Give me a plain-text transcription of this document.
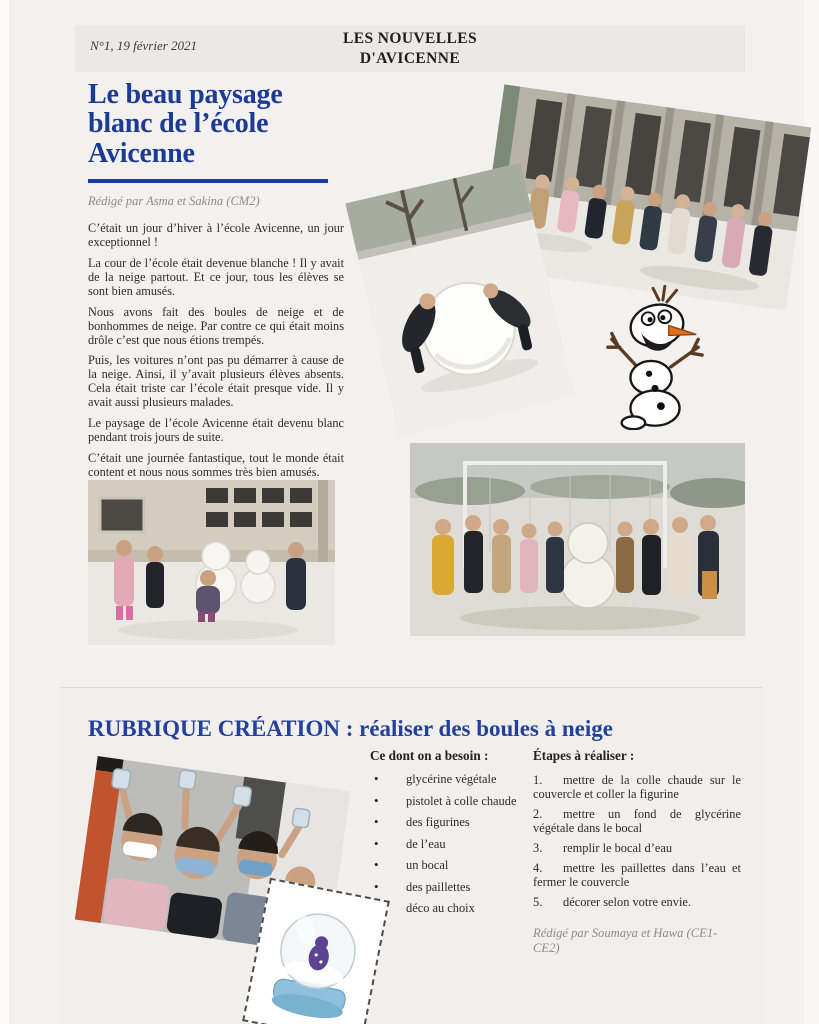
N°1, 19 février 2021	LES NOUVELLES
D'AVICENNE
Le beau paysage blanc de l’école Avicenne
Rédigé par Asma et Sakina (CM2)

C’était un jour d’hiver à l’école Avicenne, un jour exceptionnel !

La cour de l’école était devenue blanche ! Il y avait de la neige partout. Et ce jour, tous les élèves se sont bien amusés.

Nous avons fait des boules de neige et de bonhommes de neige. Par contre ce qui était moins drôle c’est que nous étions trempés.

Puis, les voitures n’ont pas pu démarrer à cause de la neige. Ainsi, il y’avait plusieurs élèves absents. Cela était triste car l’école était presque vide. Il y avait aussi plusieurs malades.

Le paysage de l’école Avicenne était devenu blanc pendant trois jours de suite.

C’était une journée fantastique, tout le monde était content et nous nous sommes très bien amusés.

RUBRIQUE CRÉATION : réaliser des boules à neige
Ce dont on a besoin :
• glycérine végétale
• pistolet à colle chaude
• des figurines
• de l’eau
• un bocal
• des paillettes
• déco au choix
Étapes à réaliser :

1. mettre de la colle chaude sur le couvercle et coller la figurine

2. mettre un fond de glycérine végétale dans le bocal

3. remplir le bocal d’eau

4. mettre les paillettes dans l’eau et fermer le couvercle

5. décorer selon votre envie.

Rédigé par Soumaya et Hawa (CE1-CE2)
